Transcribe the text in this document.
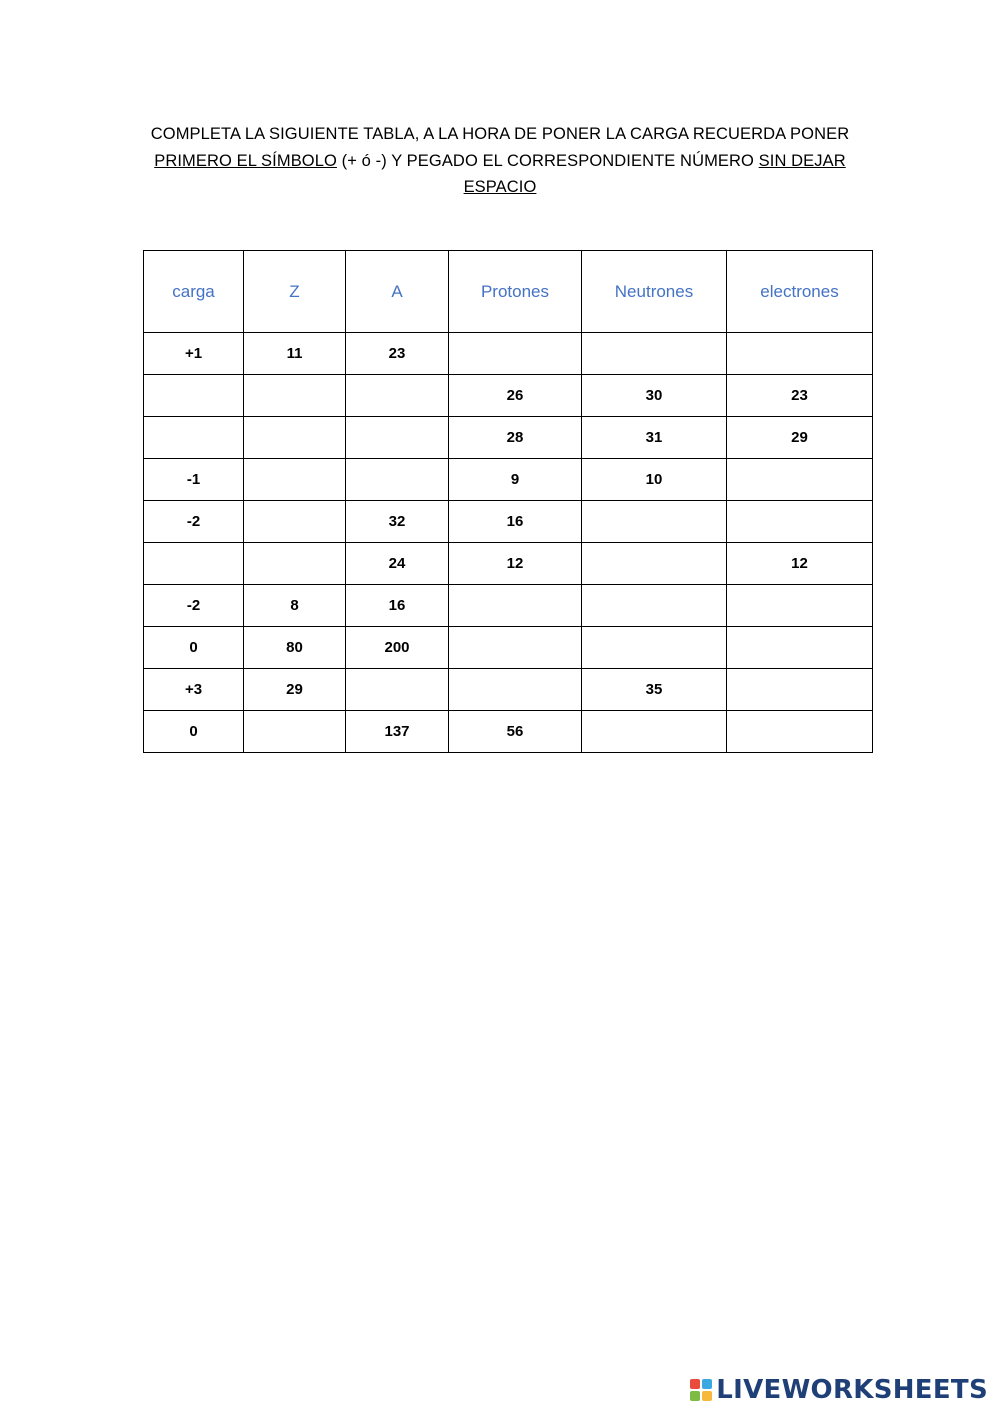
COMPLETA LA SIGUIENTE TABLA, A LA HORA DE PONER LA CARGA RECUERDA PONER PRIMERO EL SÍMBOLO (+ ó -) Y PEGADO EL CORRESPONDIENTE NÚMERO SIN DEJAR ESPACIO
carga	Z	A	Protones	Neutrones	electrones
+1	11	23			
			26	30	23
			28	31	29
-1			9	10	
-2		32	16		
		24	12		12
-2	8	16			
0	80	200			
+3	29			35	
0		137	56		
LIVEWORKSHEETS
